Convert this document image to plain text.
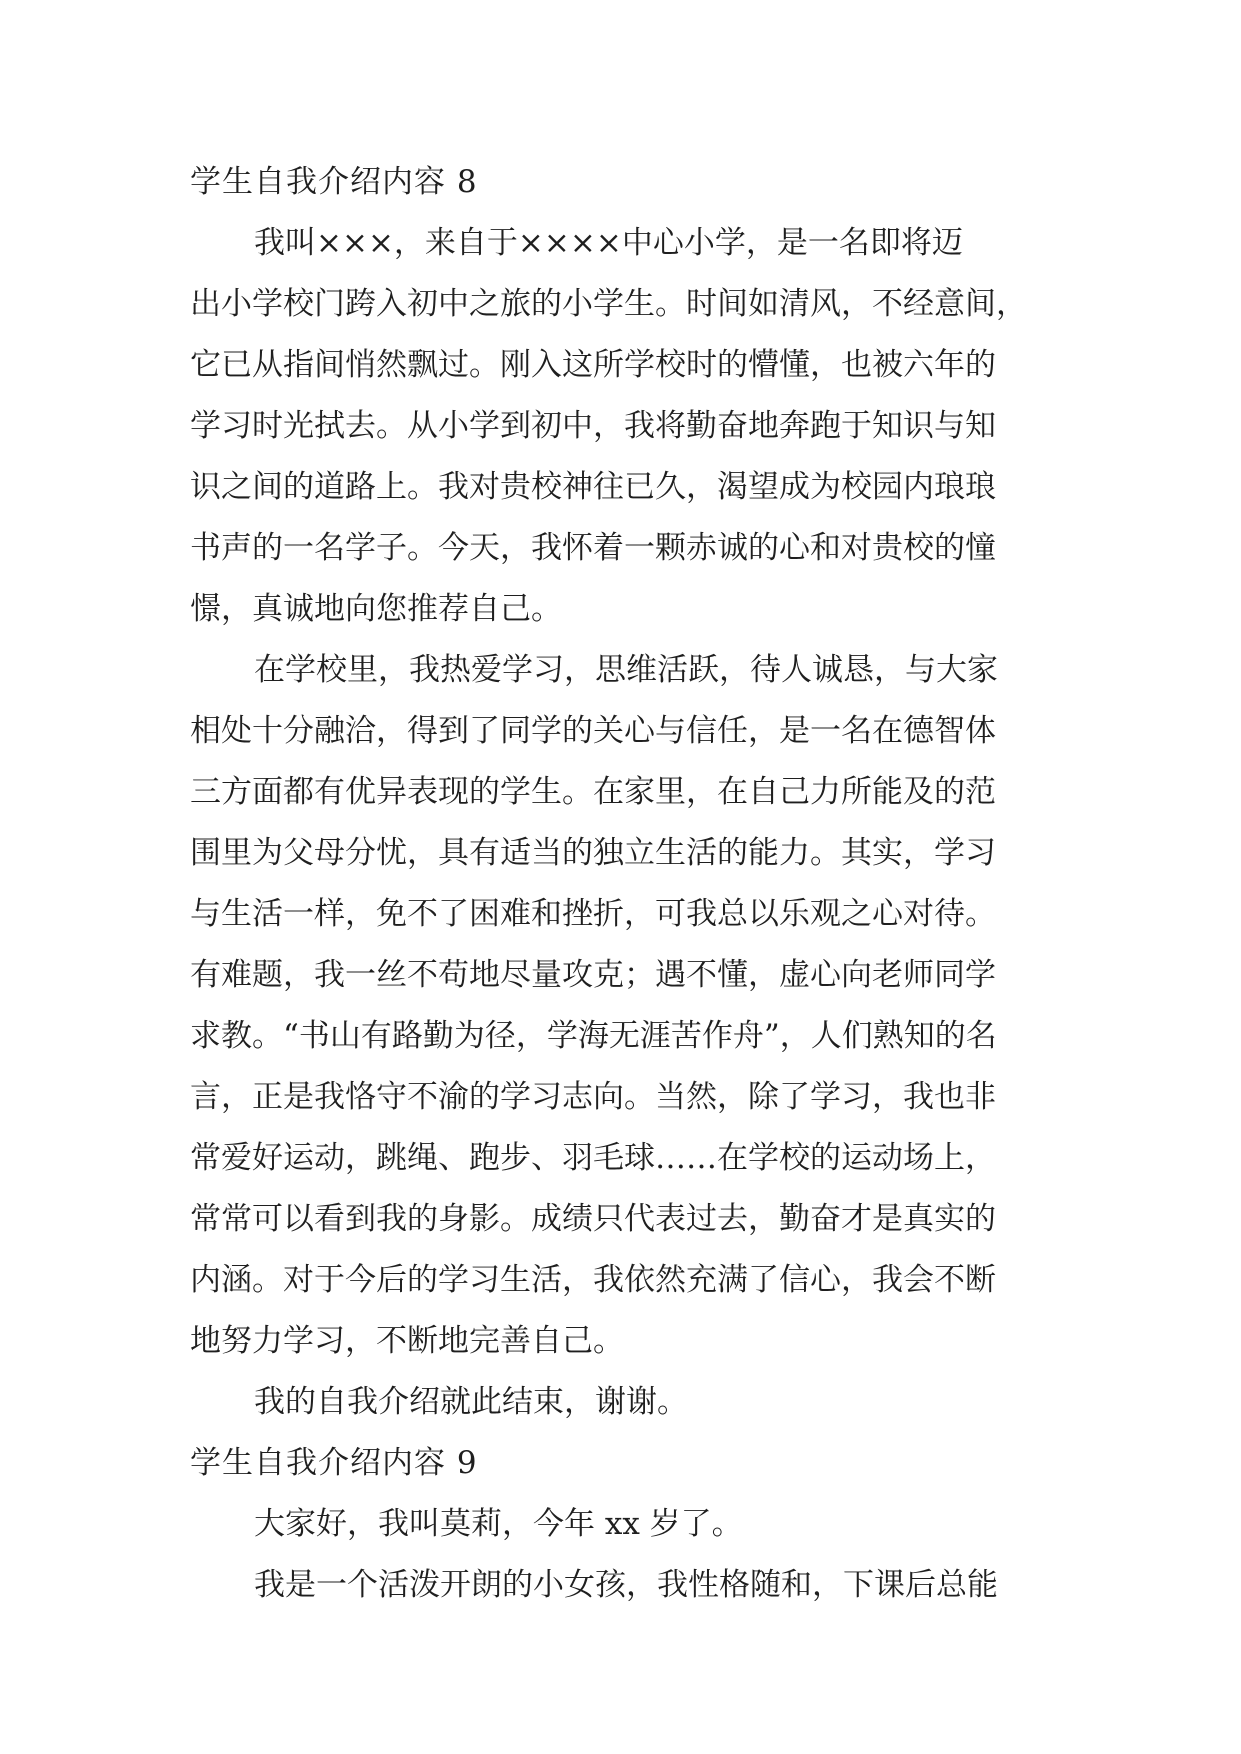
学生自我介绍内容 8
我叫×××，来自于××××中心小学，是一名即将迈
出小学校门跨入初中之旅的小学生。时间如清风，不经意间，
它已从指间悄然飘过。刚入这所学校时的懵懂，也被六年的
学习时光拭去。从小学到初中，我将勤奋地奔跑于知识与知
识之间的道路上。我对贵校神往已久，渴望成为校园内琅琅
书声的一名学子。今天，我怀着一颗赤诚的心和对贵校的憧
憬，真诚地向您推荐自己。
在学校里，我热爱学习，思维活跃，待人诚恳，与大家
相处十分融洽，得到了同学的关心与信任，是一名在德智体
三方面都有优异表现的学生。在家里，在自己力所能及的范
围里为父母分忧，具有适当的独立生活的能力。其实，学习
与生活一样，免不了困难和挫折，可我总以乐观之心对待。
有难题，我一丝不苟地尽量攻克；遇不懂，虚心向老师同学
求教。“书山有路勤为径，学海无涯苦作舟”，人们熟知的名
言，正是我恪守不渝的学习志向。当然，除了学习，我也非
常爱好运动，跳绳、跑步、羽毛球……在学校的运动场上，
常常可以看到我的身影。成绩只代表过去，勤奋才是真实的
内涵。对于今后的学习生活，我依然充满了信心，我会不断
地努力学习，不断地完善自己。

我的自我介绍就此结束，谢谢。

学生自我介绍内容 9

大家好，我叫莫莉，今年 xx 岁了。

我是一个活泼开朗的小女孩，我性格随和，下课后总能
